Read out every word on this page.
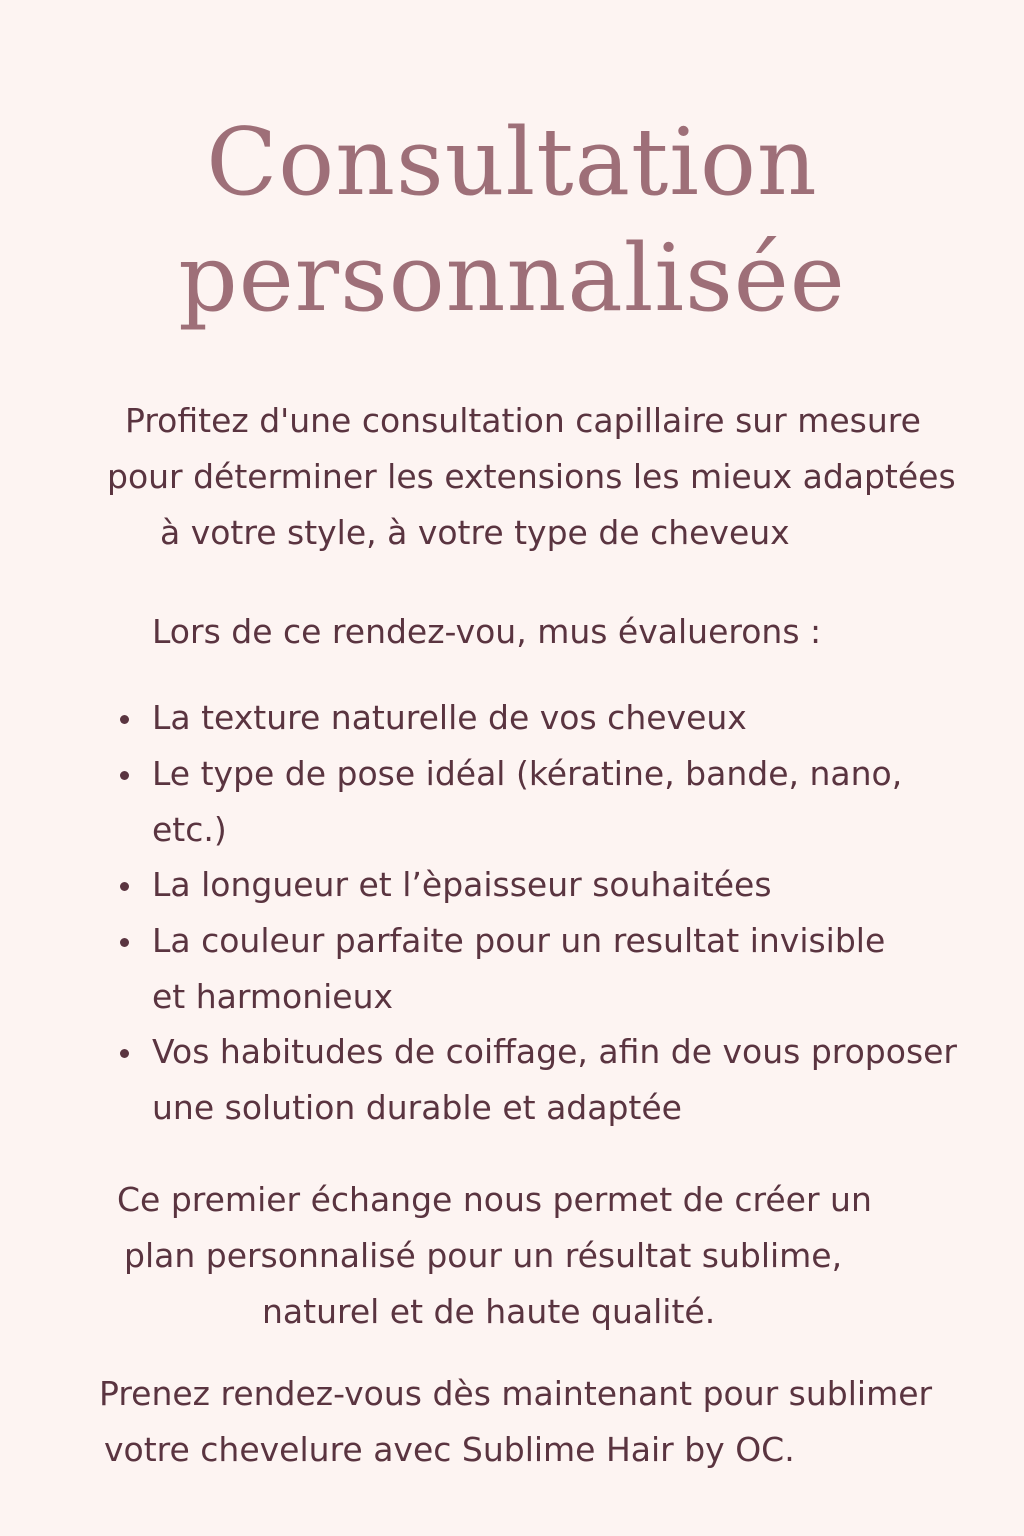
Consultation
personnalisée
Profitez d'une consultation capillaire sur mesure
pour déterminer les extensions les mieux adaptées
à votre style, à votre type de cheveux
Lors de ce rendez-vou, mus évaluerons :
La texture naturelle de vos cheveux
Le type de pose idéal (kératine, bande, nano,
etc.)
La longueur et l’èpaisseur souhaitées
La couleur parfaite pour un resultat invisible
et harmonieux
Vos habitudes de coiffage, afin de vous proposer
une solution durable et adaptée
Ce premier échange nous permet de créer un
plan personnalisé pour un résultat sublime,
naturel et de haute qualité.
Prenez rendez-vous dès maintenant pour sublimer
votre chevelure avec Sublime Hair by OC.
